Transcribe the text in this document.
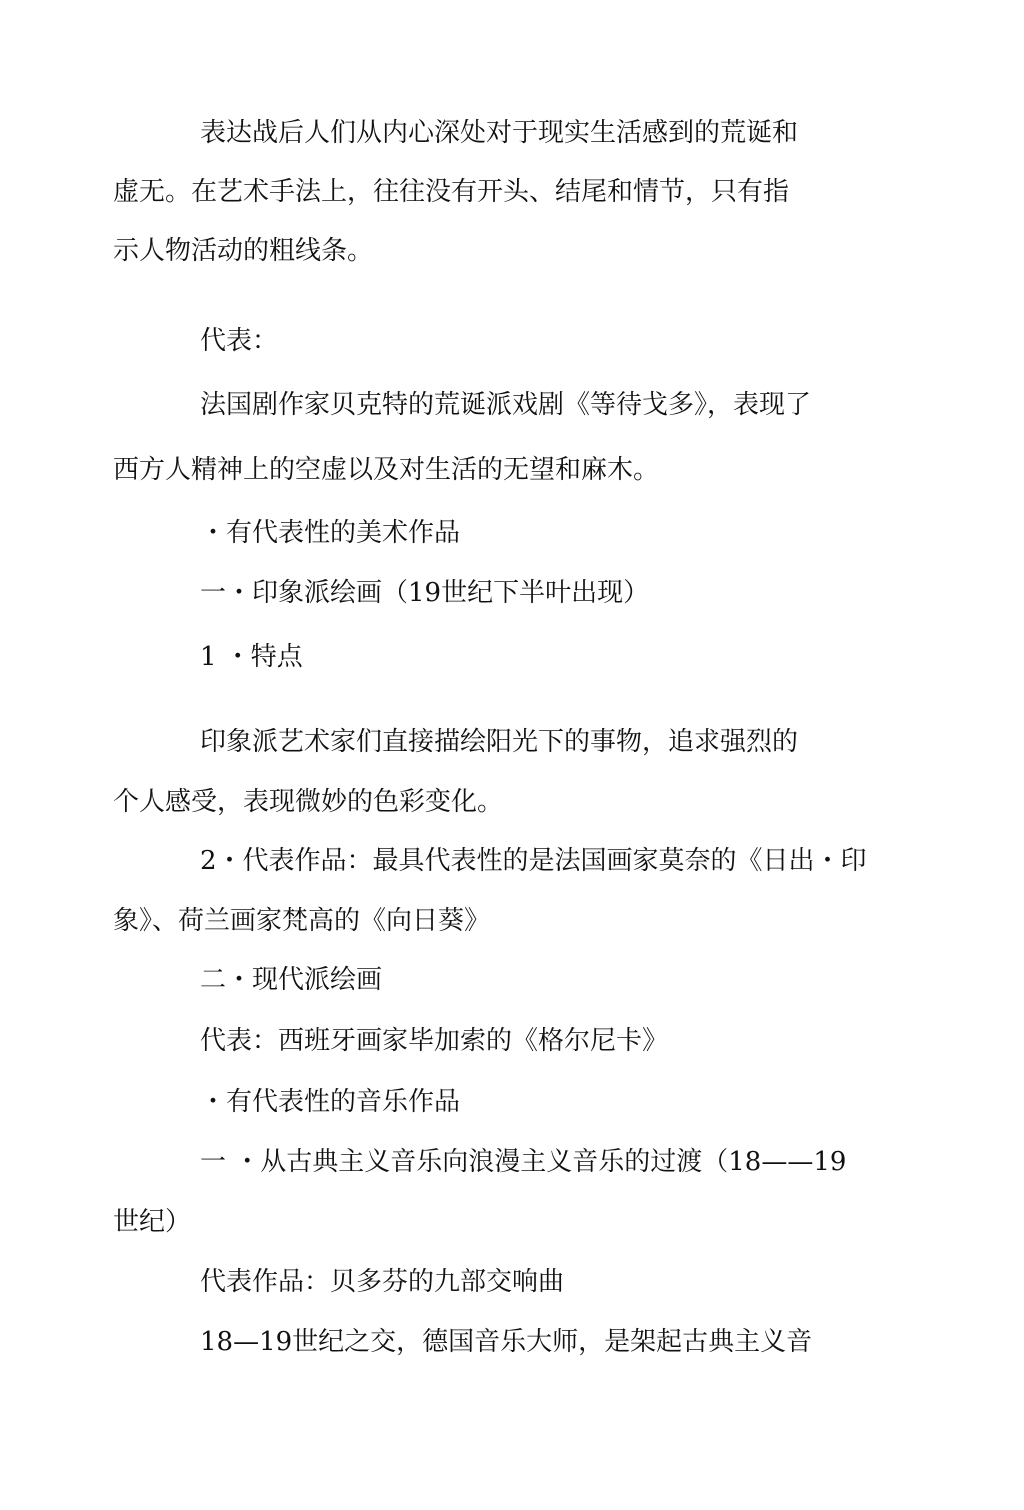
表达战后人们从内心深处对于现实生活感到的荒诞和
虚无。在艺术手法上，往往没有开头、结尾和情节，只有指
示人物活动的粗线条。
代表：
法国剧作家贝克特的荒诞派戏剧《等待戈多》，表现了
西方人精神上的空虚以及对生活的无望和麻木。
・有代表性的美术作品
一・印象派绘画（19世纪下半叶出现）
1 ・特点
印象派艺术家们直接描绘阳光下的事物，追求强烈的
个人感受，表现微妙的色彩变化。
2・代表作品：最具代表性的是法国画家莫奈的《日出・印
象》、荷兰画家梵高的《向日葵》
二・现代派绘画
代表：西班牙画家毕加索的《格尔尼卡》
・有代表性的音乐作品
一 ・从古典主义音乐向浪漫主义音乐的过渡（18——19
世纪）
代表作品：贝多芬的九部交响曲
18—19世纪之交，德国音乐大师，是架起古典主义音
